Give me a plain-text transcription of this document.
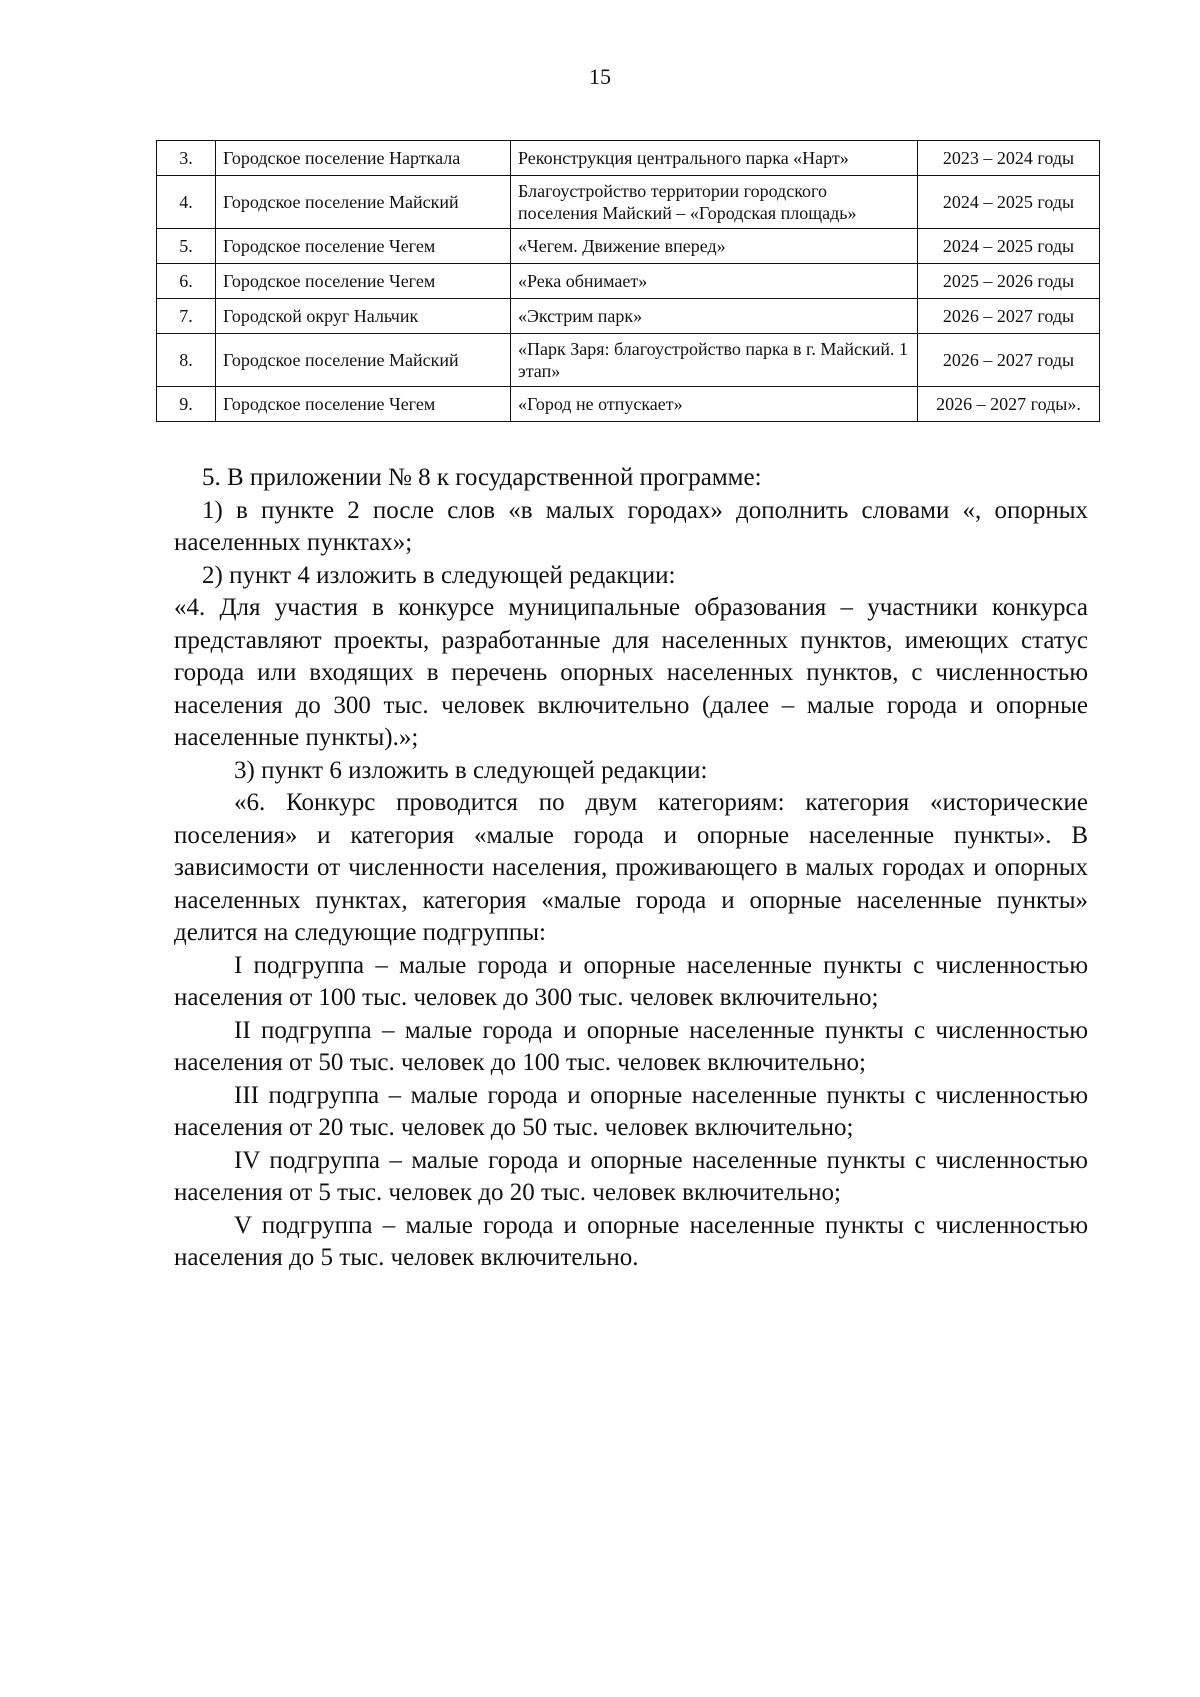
15
3.	Городское поселение Нарткала	Реконструкция центрального парка «Нарт»	2023 – 2024 годы
4.	Городское поселение Майский	Благоустройство территории городского поселения Майский – «Городская площадь»	2024 – 2025 годы
5.	Городское поселение Чегем	«Чегем. Движение вперед»	2024 – 2025 годы
6.	Городское поселение Чегем	«Река обнимает»	2025 – 2026 годы
7.	Городской округ Нальчик	«Экстрим парк»	2026 – 2027 годы
8.	Городское поселение Майский	«Парк Заря: благоустройство парка в г. Майский. 1 этап»	2026 – 2027 годы
9.	Городское поселение Чегем	«Город не отпускает»	2026 – 2027 годы».

5. В приложении № 8 к государственной программе:

1) в пункте 2 после слов «в малых городах» дополнить словами «, опорных населенных пунктах»;

2) пункт 4 изложить в следующей редакции:

«4. Для участия в конкурсе муниципальные образования – участники конкурса представляют проекты, разработанные для населенных пунктов, имеющих статус города или входящих в перечень опорных населенных пунктов, с численностью населения до 300 тыс. человек включительно (далее – малые города и опорные населенные пункты).»;

3) пункт 6 изложить в следующей редакции:

«6. Конкурс проводится по двум категориям: категория «исторические поселения» и категория «малые города и опорные населенные пункты». В зависимости от численности населения, проживающего в малых городах и опорных населенных пунктах, категория «малые города и опорные населенные пункты» делится на следующие подгруппы:

I подгруппа – малые города и опорные населенные пункты с численностью населения от 100 тыс. человек до 300 тыс. человек включительно;

II подгруппа – малые города и опорные населенные пункты с численностью населения от 50 тыс. человек до 100 тыс. человек включительно;

III подгруппа – малые города и опорные населенные пункты с численностью населения от 20 тыс. человек до 50 тыс. человек включительно;

IV подгруппа – малые города и опорные населенные пункты с численностью населения от 5 тыс. человек до 20 тыс. человек включительно;

V подгруппа – малые города и опорные населенные пункты с численностью населения до 5 тыс. человек включительно.
